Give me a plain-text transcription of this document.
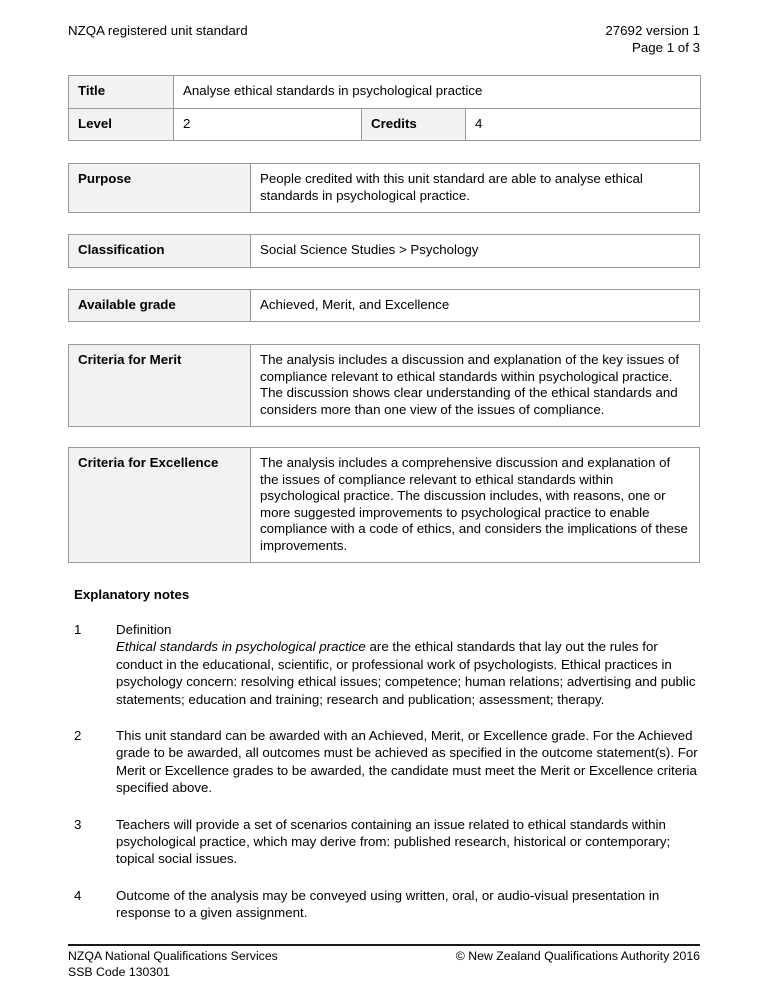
NZQA registered unit standard	27692 version 1
Page 1 of 3
Title	Analyse ethical standards in psychological practice		
Level	2	Credits	4
Purpose	People credited with this unit standard are able to analyse ethical standards in psychological practice.
Classification	Social Science Studies > Psychology
Available grade	Achieved, Merit, and Excellence
Criteria for Merit	The analysis includes a discussion and explanation of the key issues of compliance relevant to ethical standards within psychological practice. The discussion shows clear understanding of the ethical standards and considers more than one view of the issues of compliance.
Criteria for Excellence	The analysis includes a comprehensive discussion and explanation of the issues of compliance relevant to ethical standards within psychological practice. The discussion includes, with reasons, one or more suggested improvements to psychological practice to enable compliance with a code of ethics, and considers the implications of these improvements.
Explanatory notes
1	Definition
Ethical standards in psychological practice are the ethical standards that lay out the rules for conduct in the educational, scientific, or professional work of psychologists. Ethical practices in psychology concern: resolving ethical issues; competence; human relations; advertising and public statements; education and training; research and publication; assessment; therapy.
2	This unit standard can be awarded with an Achieved, Merit, or Excellence grade. For the Achieved grade to be awarded, all outcomes must be achieved as specified in the outcome statement(s). For Merit or Excellence grades to be awarded, the candidate must meet the Merit or Excellence criteria specified above.
3	Teachers will provide a set of scenarios containing an issue related to ethical standards within psychological practice, which may derive from: published research, historical or contemporary; topical social issues.
4	Outcome of the analysis may be conveyed using written, oral, or audio-visual presentation in response to a given assignment.
NZQA National Qualifications Services
SSB Code 130301
© New Zealand Qualifications Authority 2016
